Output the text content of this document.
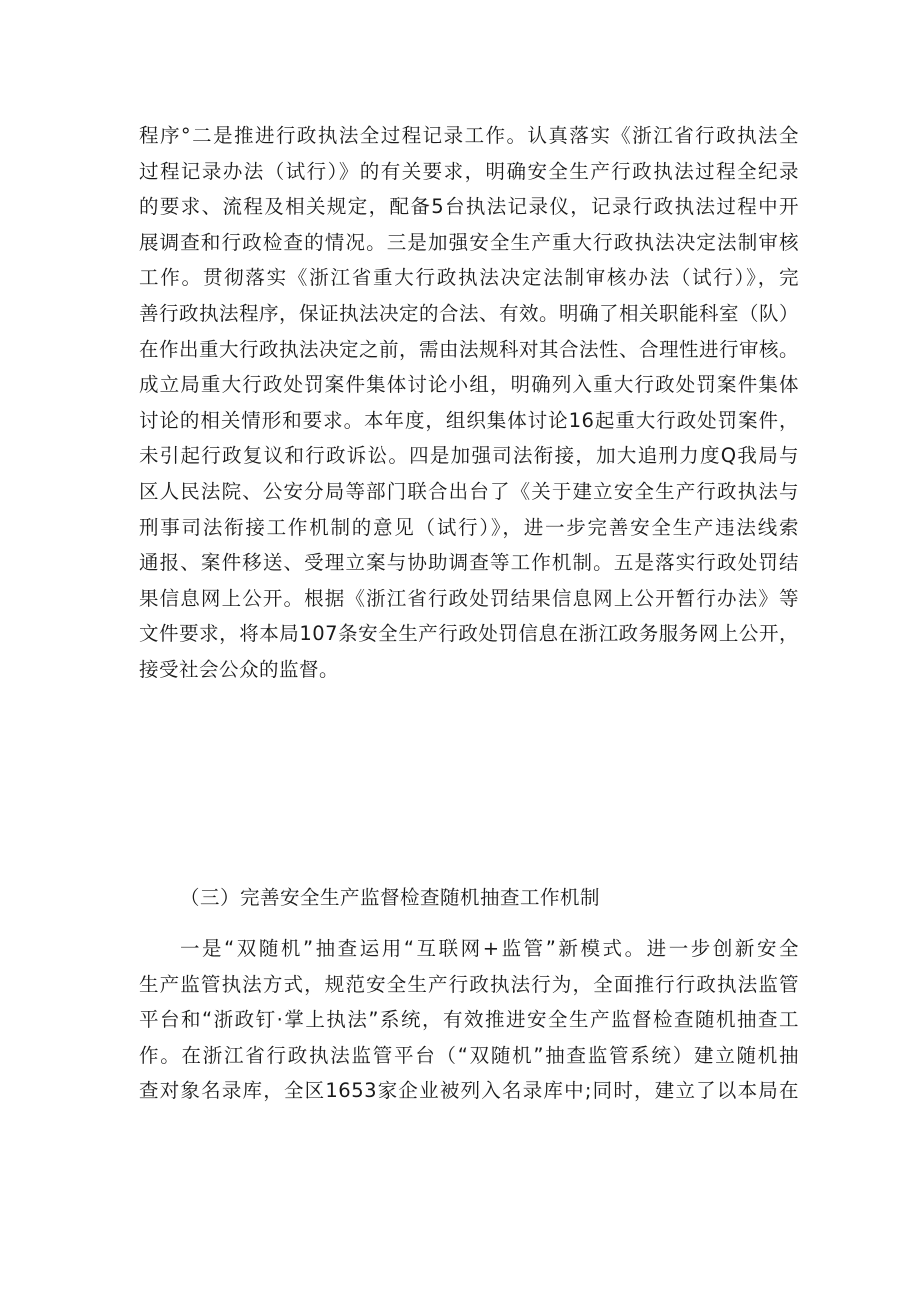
程序°二是推进行政执法全过程记录工作。认真落实《浙江省行政执法全
过程记录办法（试行）》的有关要求，明确安全生产行政执法过程全纪录
的要求、流程及相关规定，配备5台执法记录仪，记录行政执法过程中开
展调查和行政检查的情况。三是加强安全生产重大行政执法决定法制审核
工作。贯彻落实《浙江省重大行政执法决定法制审核办法（试行）》，完
善行政执法程序，保证执法决定的合法、有效。明确了相关职能科室（队）
在作出重大行政执法决定之前，需由法规科对其合法性、合理性进行审核。
成立局重大行政处罚案件集体讨论小组，明确列入重大行政处罚案件集体
讨论的相关情形和要求。本年度，组织集体讨论16起重大行政处罚案件，
未引起行政复议和行政诉讼。四是加强司法衔接，加大追刑力度Q我局与
区人民法院、公安分局等部门联合出台了《关于建立安全生产行政执法与
刑事司法衔接工作机制的意见（试行）》，进一步完善安全生产违法线索
通报、案件移送、受理立案与协助调查等工作机制。五是落实行政处罚结
果信息网上公开。根据《浙江省行政处罚结果信息网上公开暂行办法》等
文件要求，将本局107条安全生产行政处罚信息在浙江政务服务网上公开，
接受社会公众的监督。
（三）完善安全生产监督检查随机抽查工作机制
一是“双随机”抽查运用“互联网+监管”新模式。进一步创新安全
生产监管执法方式，规范安全生产行政执法行为，全面推行行政执法监管
平台和“浙政钉·掌上执法”系统，有效推进安全生产监督检查随机抽查工
作。在浙江省行政执法监管平台（“双随机”抽查监管系统）建立随机抽
查对象名录库，全区1653家企业被列入名录库中;同时，建立了以本局在
